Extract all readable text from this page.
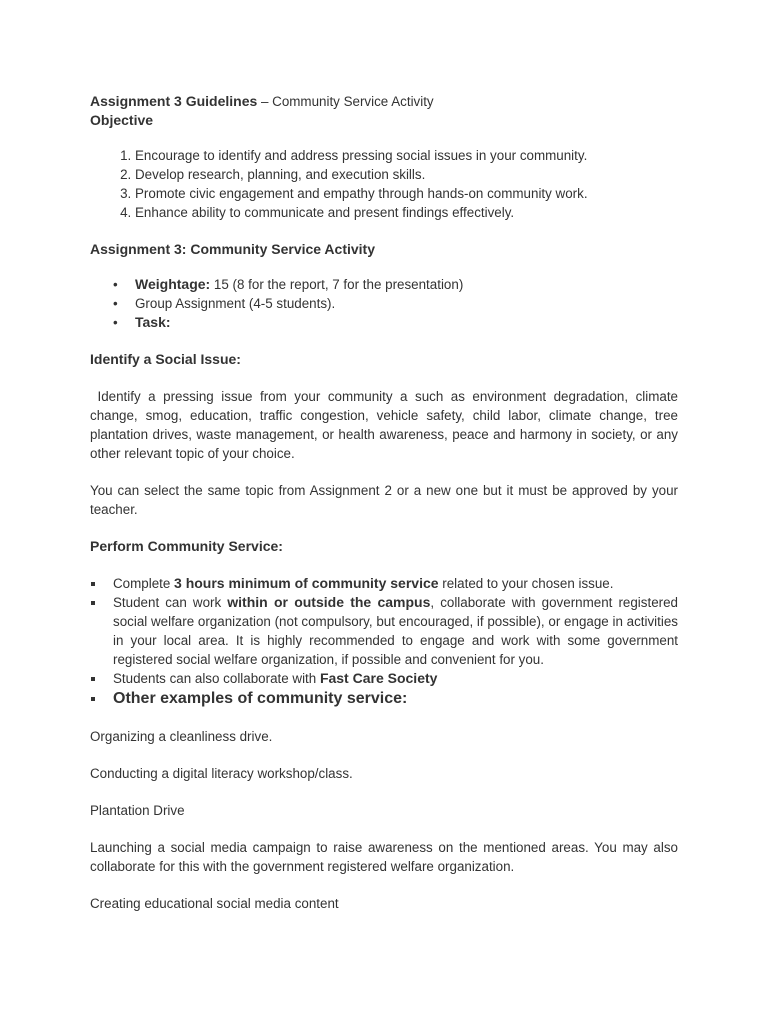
Assignment 3 Guidelines – Community Service Activity

Objective

1. Encourage to identify and address pressing social issues in your community.
2. Develop research, planning, and execution skills.
3. Promote civic engagement and empathy through hands-on community work.
4. Enhance ability to communicate and present findings effectively.

Assignment 3: Community Service Activity

• Weightage: 15 (8 for the report, 7 for the presentation)
• Group Assignment (4-5 students).
• Task:

Identify a Social Issue:

Identify a pressing issue from your community a such as environment degradation, climate change, smog, education, traffic congestion, vehicle safety, child labor, climate change, tree plantation drives, waste management, or health awareness, peace and harmony in society, or any other relevant topic of your choice.

You can select the same topic from Assignment 2 or a new one but it must be approved by your teacher.

Perform Community Service:

Complete 3 hours minimum of community service related to your chosen issue.
Student can work within or outside the campus, collaborate with government registered social welfare organization (not compulsory, but encouraged, if possible), or engage in activities in your local area. It is highly recommended to engage and work with some government registered social welfare organization, if possible and convenient for you.
Students can also collaborate with Fast Care Society
Other examples of community service:

Organizing a cleanliness drive.

Conducting a digital literacy workshop/class.

Plantation Drive

Launching a social media campaign to raise awareness on the mentioned areas. You may also collaborate for this with the government registered welfare organization.

Creating educational social media content
